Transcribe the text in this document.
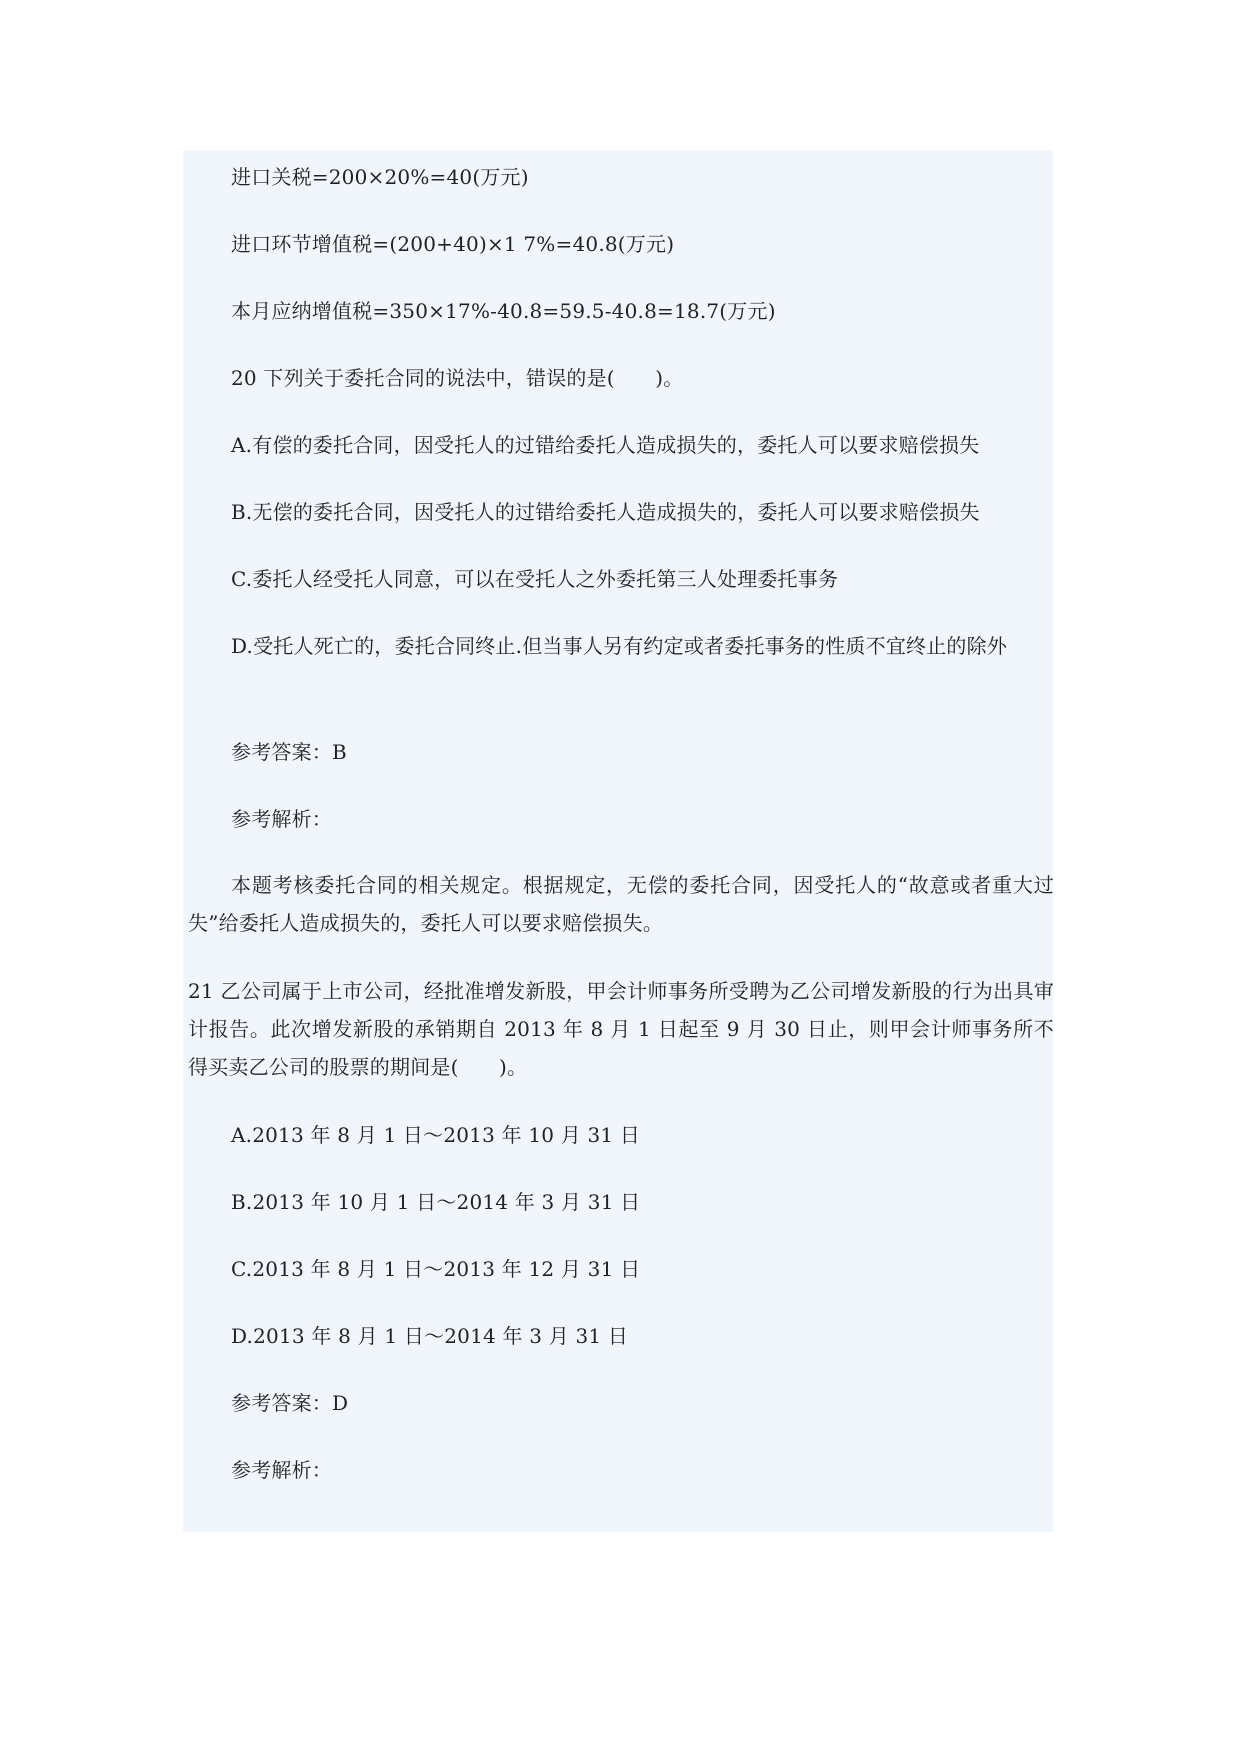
进口关税=200×20%=40(万元)
进口环节增值税=(200+40)×1 7%=40.8(万元)
本月应纳增值税=350×17%-40.8=59.5-40.8=18.7(万元)
20 下列关于委托合同的说法中，错误的是(　　)。
A.有偿的委托合同，因受托人的过错给委托人造成损失的，委托人可以要求赔偿损失
B.无偿的委托合同，因受托人的过错给委托人造成损失的，委托人可以要求赔偿损失
C.委托人经受托人同意，可以在受托人之外委托第三人处理委托事务
D.受托人死亡的，委托合同终止.但当事人另有约定或者委托事务的性质不宜终止的除外
参考答案：B
参考解析：
本题考核委托合同的相关规定。根据规定，无偿的委托合同，因受托人的“故意或者重大过失”给委托人造成损失的，委托人可以要求赔偿损失。
21 乙公司属于上市公司，经批准增发新股，甲会计师事务所受聘为乙公司增发新股的行为出具审计报告。此次增发新股的承销期自 2013 年 8 月 1 日起至 9 月 30 日止，则甲会计师事务所不得买卖乙公司的股票的期间是(　　)。
A.2013 年 8 月 1 日～2013 年 10 月 31 日
B.2013 年 10 月 1 日～2014 年 3 月 31 日
C.2013 年 8 月 1 日～2013 年 12 月 31 日
D.2013 年 8 月 1 日～2014 年 3 月 31 日
参考答案：D
参考解析：
